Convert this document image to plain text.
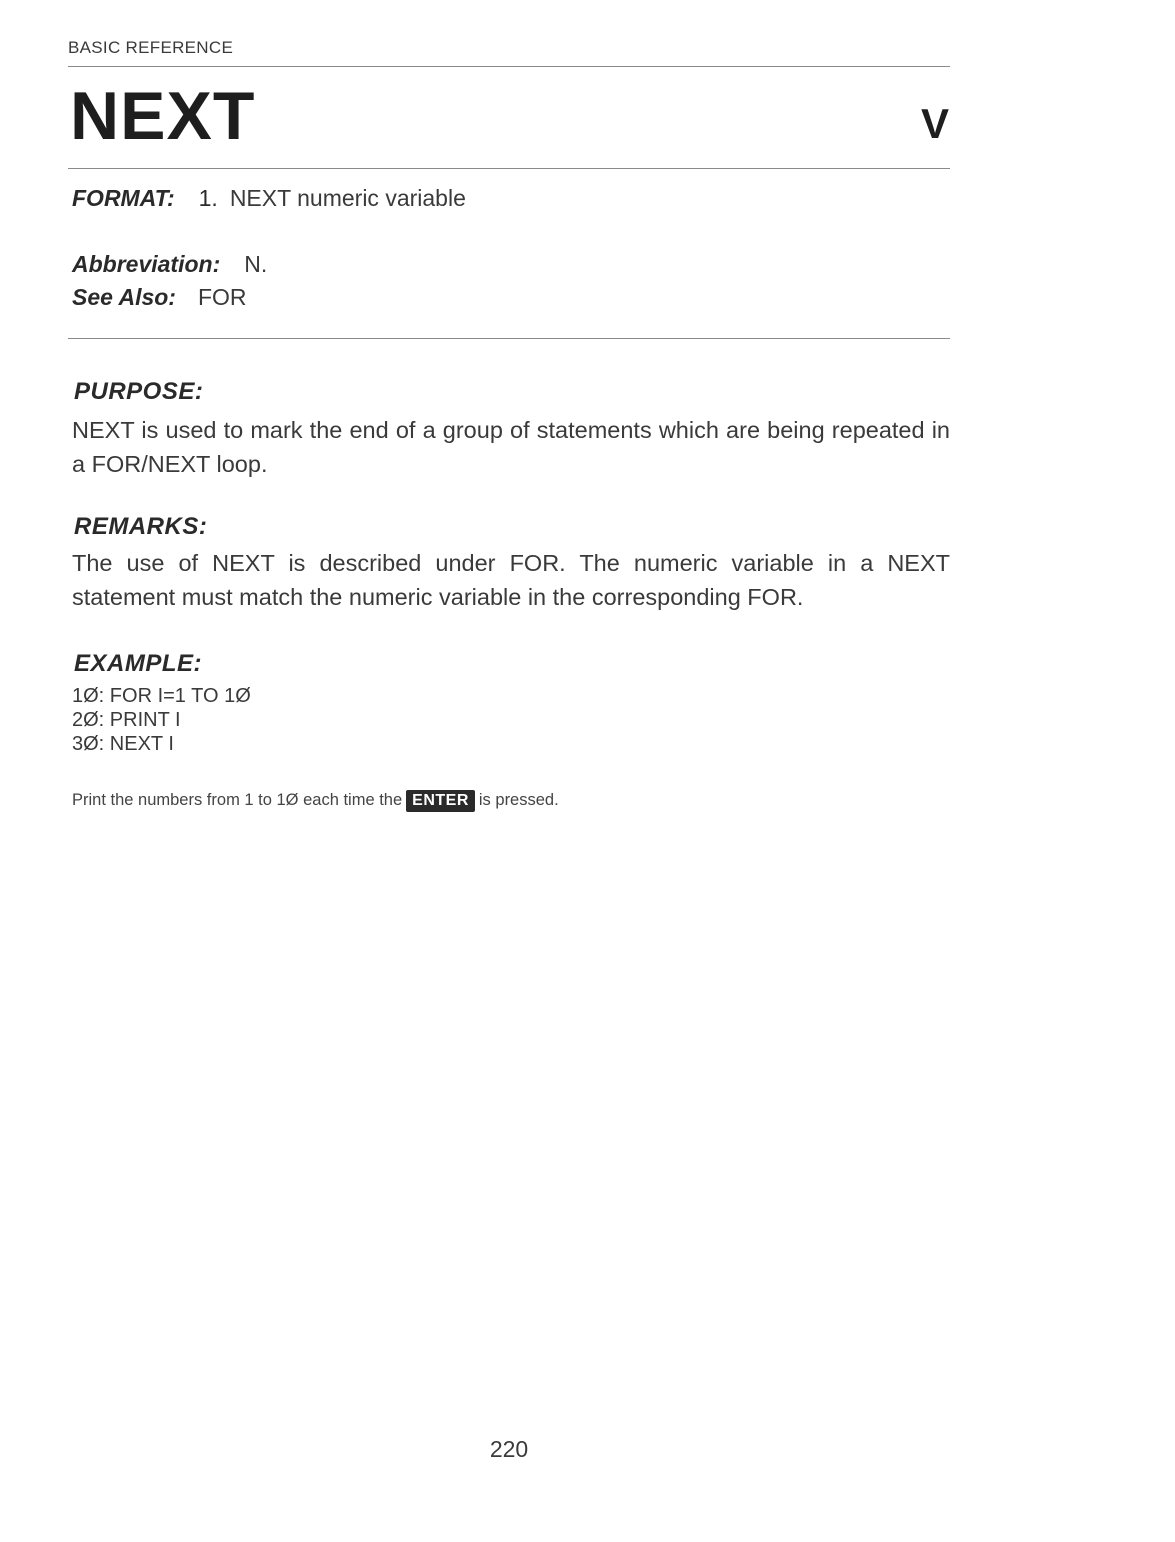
BASIC REFERENCE
NEXT	V
FORMAT: 1. NEXT numeric variable
Abbreviation: N.
See Also: FOR
PURPOSE:
NEXT is used to mark the end of a group of statements which are being repeated in a FOR/NEXT loop.
REMARKS:
The use of NEXT is described under FOR. The numeric variable in a NEXT statement must match the numeric variable in the corresponding FOR.
EXAMPLE:
1Ø: FOR I=1 TO 1Ø
2Ø: PRINT I
3Ø: NEXT I
Print the numbers from 1 to 1Ø each time the ENTER is pressed.
220
